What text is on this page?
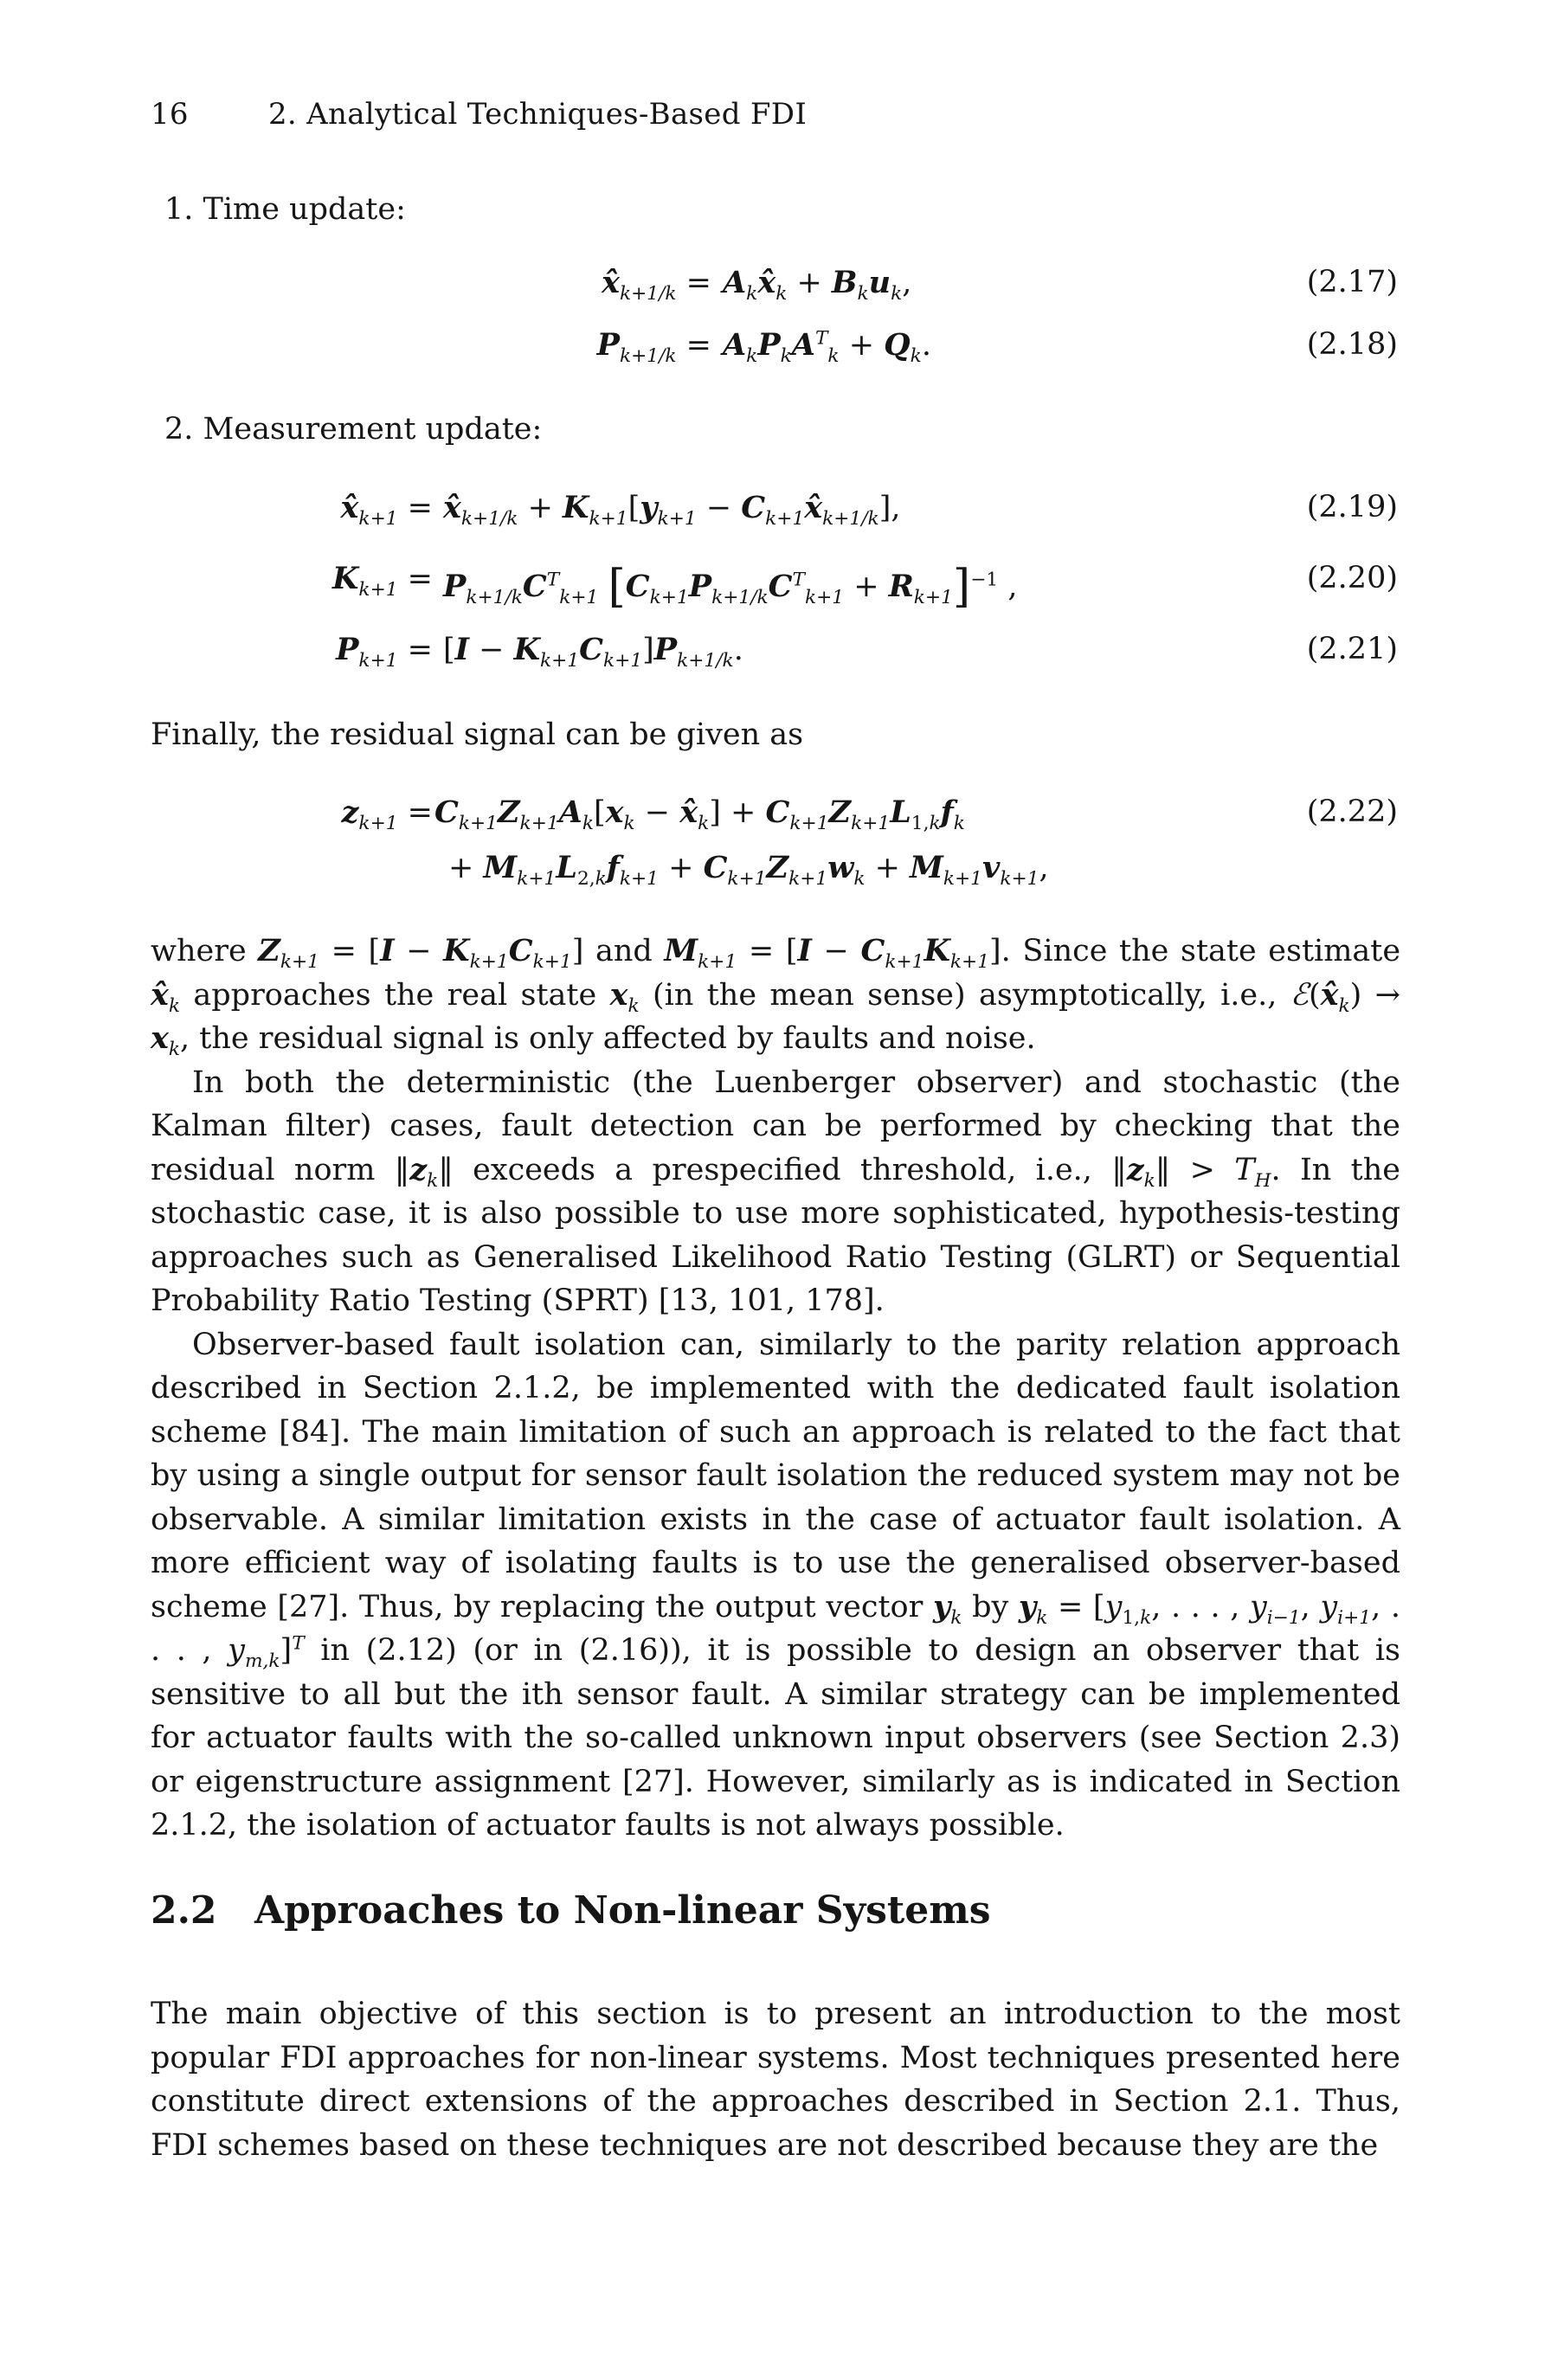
16	2. Analytical Techniques-Based FDI
1. Time update:
$x̂_{k+1/k}$ = $A_kx̂_k + B_ku_k$,	(2.17)
$P_{k+1/k} = A_kP_kA^T_k + Q_k$.	(2.18)
2. Measurement update:
$x̂_{k+1}$ = $x̂_{k+1/k} + K_{k+1}[y_{k+1}$ − $C_{k+1}x̂_{k+1/k}$],	(2.19)
$K_{k+1} = P_{k+1/k}C^T_{k+1}$ $[C_{k+1}P_{k+1/k}C^T_{k+1} + R_{k+1}]^{-1}$ ,	(2.20)
$P_{k+1} = [I - K_{k+1}C_{k+1}]P_{k+1/k}$.	(2.21)

Finally, the residual signal can be given as

$z_{k+1} = C_{k+1}Z_{k+1}A_k[x_k$ − $x̂_k] + C_{k+1}Z_{k+1}L_{1,k}f_k$	(2.22)
+ $M_{k+1}L_{2,k}f_{k+1} + C_{k+1}Z_{k+1}w_k + M_{k+1}v_{k+1}$,

where $Z_{k+1} = [I - K_{k+1}C_{k+1}]$ and $M_{k+1} = [I - C_{k+1}K_{k+1}]$. Since the state estimate $x̂_k$ approaches the real state $x_k$ (in the mean sense) asymptotically, i.e., $ℰ(x̂_k) \to x_k$, the residual signal is only affected by faults and noise.

In both the deterministic (the Luenberger observer) and stochastic (the Kalman filter) cases, fault detection can be performed by checking that the residual norm $‖z_k‖$ exceeds a prespecified threshold, i.e., $‖z_k‖ > T_H$. In the stochastic case, it is also possible to use more sophisticated, hypothesis-testing approaches such as Generalised Likelihood Ratio Testing (GLRT) or Sequential Probability Ratio Testing (SPRT) [13, 101, 178].

Observer-based fault isolation can, similarly to the parity relation approach described in Section 2.1.2, be implemented with the dedicated fault isolation scheme [84]. The main limitation of such an approach is related to the fact that by using a single output for sensor fault isolation the reduced system may not be observable. A similar limitation exists in the case of actuator fault isolation. A more efficient way of isolating faults is to use the generalised observer-based scheme [27]. Thus, by replacing the output vector $y_k$ by $y_k = [y_{1,k}$, . . . , $y_{i-1}$, $y_{i+1}$, . . . , $y_{m,k}]^T$ in (2.12) (or in (2.16)), it is possible to design an observer that is sensitive to all but the ith sensor fault. A similar strategy can be implemented for actuator faults with the so-called unknown input observers (see Section 2.3) or eigenstructure assignment [27]. However, similarly as is indicated in Section 2.1.2, the isolation of actuator faults is not always possible.

2.2 Approaches to Non-linear Systems

The main objective of this section is to present an introduction to the most popular FDI approaches for non-linear systems. Most techniques presented here constitute direct extensions of the approaches described in Section 2.1. Thus, FDI schemes based on these techniques are not described because they are the
